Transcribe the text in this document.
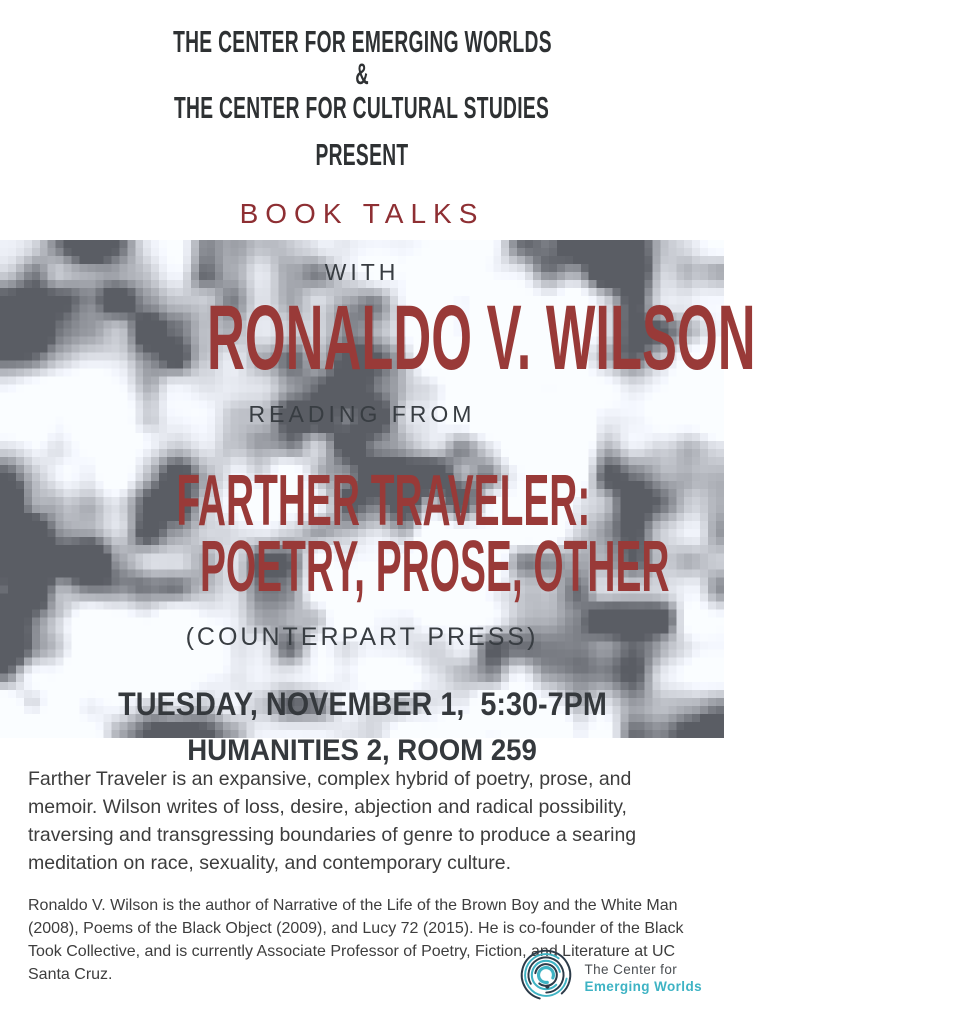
THE CENTER FOR EMERGING WORLDS
&
THE CENTER FOR CULTURAL STUDIES
PRESENT
BOOK TALKS
WITH
RONALDO V. WILSON
READING FROM
FARTHER TRAVELER:
POETRY, PROSE, OTHER
(COUNTERPART PRESS)
TUESDAY, NOVEMBER 1,  5:30-7PM
HUMANITIES 2, ROOM 259
Farther Traveler is an expansive, complex hybrid of poetry, prose, and memoir. Wilson writes of loss, desire, abjection and radical possibility, traversing and transgressing boundaries of genre to produce a searing meditation on race, sexuality, and contemporary culture.
Ronaldo V. Wilson is the author of Narrative of the Life of the Brown Boy and the White Man (2008), Poems of the Black Object (2009), and Lucy 72 (2015). He is co-founder of the Black Took Collective, and is currently Associate Professor of Poetry, Fiction, and Literature at UC Santa Cruz.	The Center for
Emerging Worlds
